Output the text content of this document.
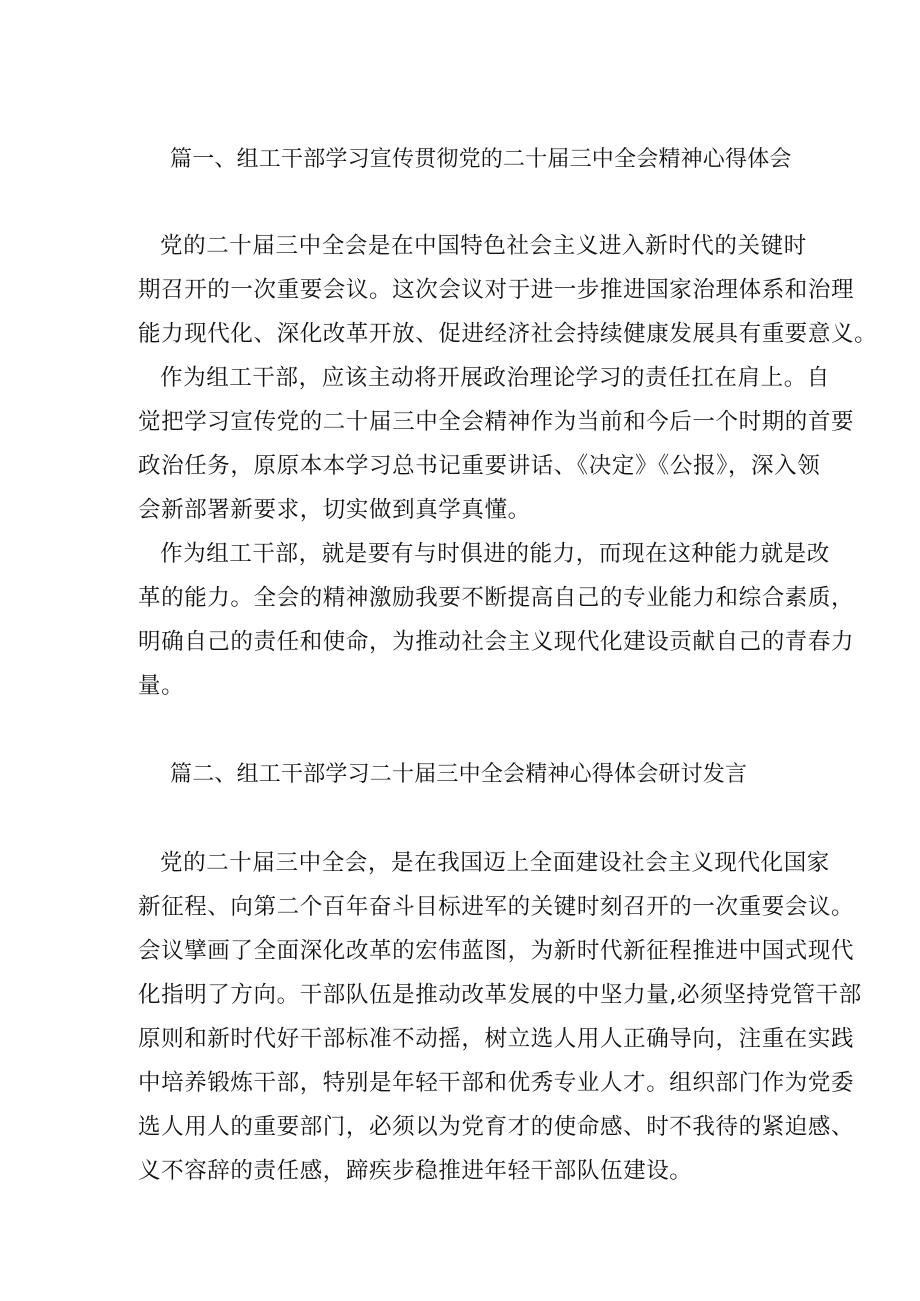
篇一、组工干部学习宣传贯彻党的二十届三中全会精神心得体会
党的二十届三中全会是在中国特色社会主义进入新时代的关键时
期召开的一次重要会议。这次会议对于进一步推进国家治理体系和治理
能力现代化、深化改革开放、促进经济社会持续健康发展具有重要意义。
作为组工干部，应该主动将开展政治理论学习的责任扛在肩上。自
觉把学习宣传党的二十届三中全会精神作为当前和今后一个时期的首要
政治任务，原原本本学习总书记重要讲话、《决定》《公报》，深入领
会新部署新要求，切实做到真学真懂。
作为组工干部，就是要有与时俱进的能力，而现在这种能力就是改
革的能力。全会的精神激励我要不断提高自己的专业能力和综合素质，
明确自己的责任和使命，为推动社会主义现代化建设贡献自己的青春力
量。
篇二、组工干部学习二十届三中全会精神心得体会研讨发言
党的二十届三中全会，是在我国迈上全面建设社会主义现代化国家
新征程、向第二个百年奋斗目标进军的关键时刻召开的一次重要会议。
会议擘画了全面深化改革的宏伟蓝图，为新时代新征程推进中国式现代
化指明了方向。干部队伍是推动改革发展的中坚力量,必须坚持党管干部
原则和新时代好干部标准不动摇，树立选人用人正确导向，注重在实践
中培养锻炼干部，特别是年轻干部和优秀专业人才。组织部门作为党委
选人用人的重要部门，必须以为党育才的使命感、时不我待的紧迫感、
义不容辞的责任感，蹄疾步稳推进年轻干部队伍建设。
